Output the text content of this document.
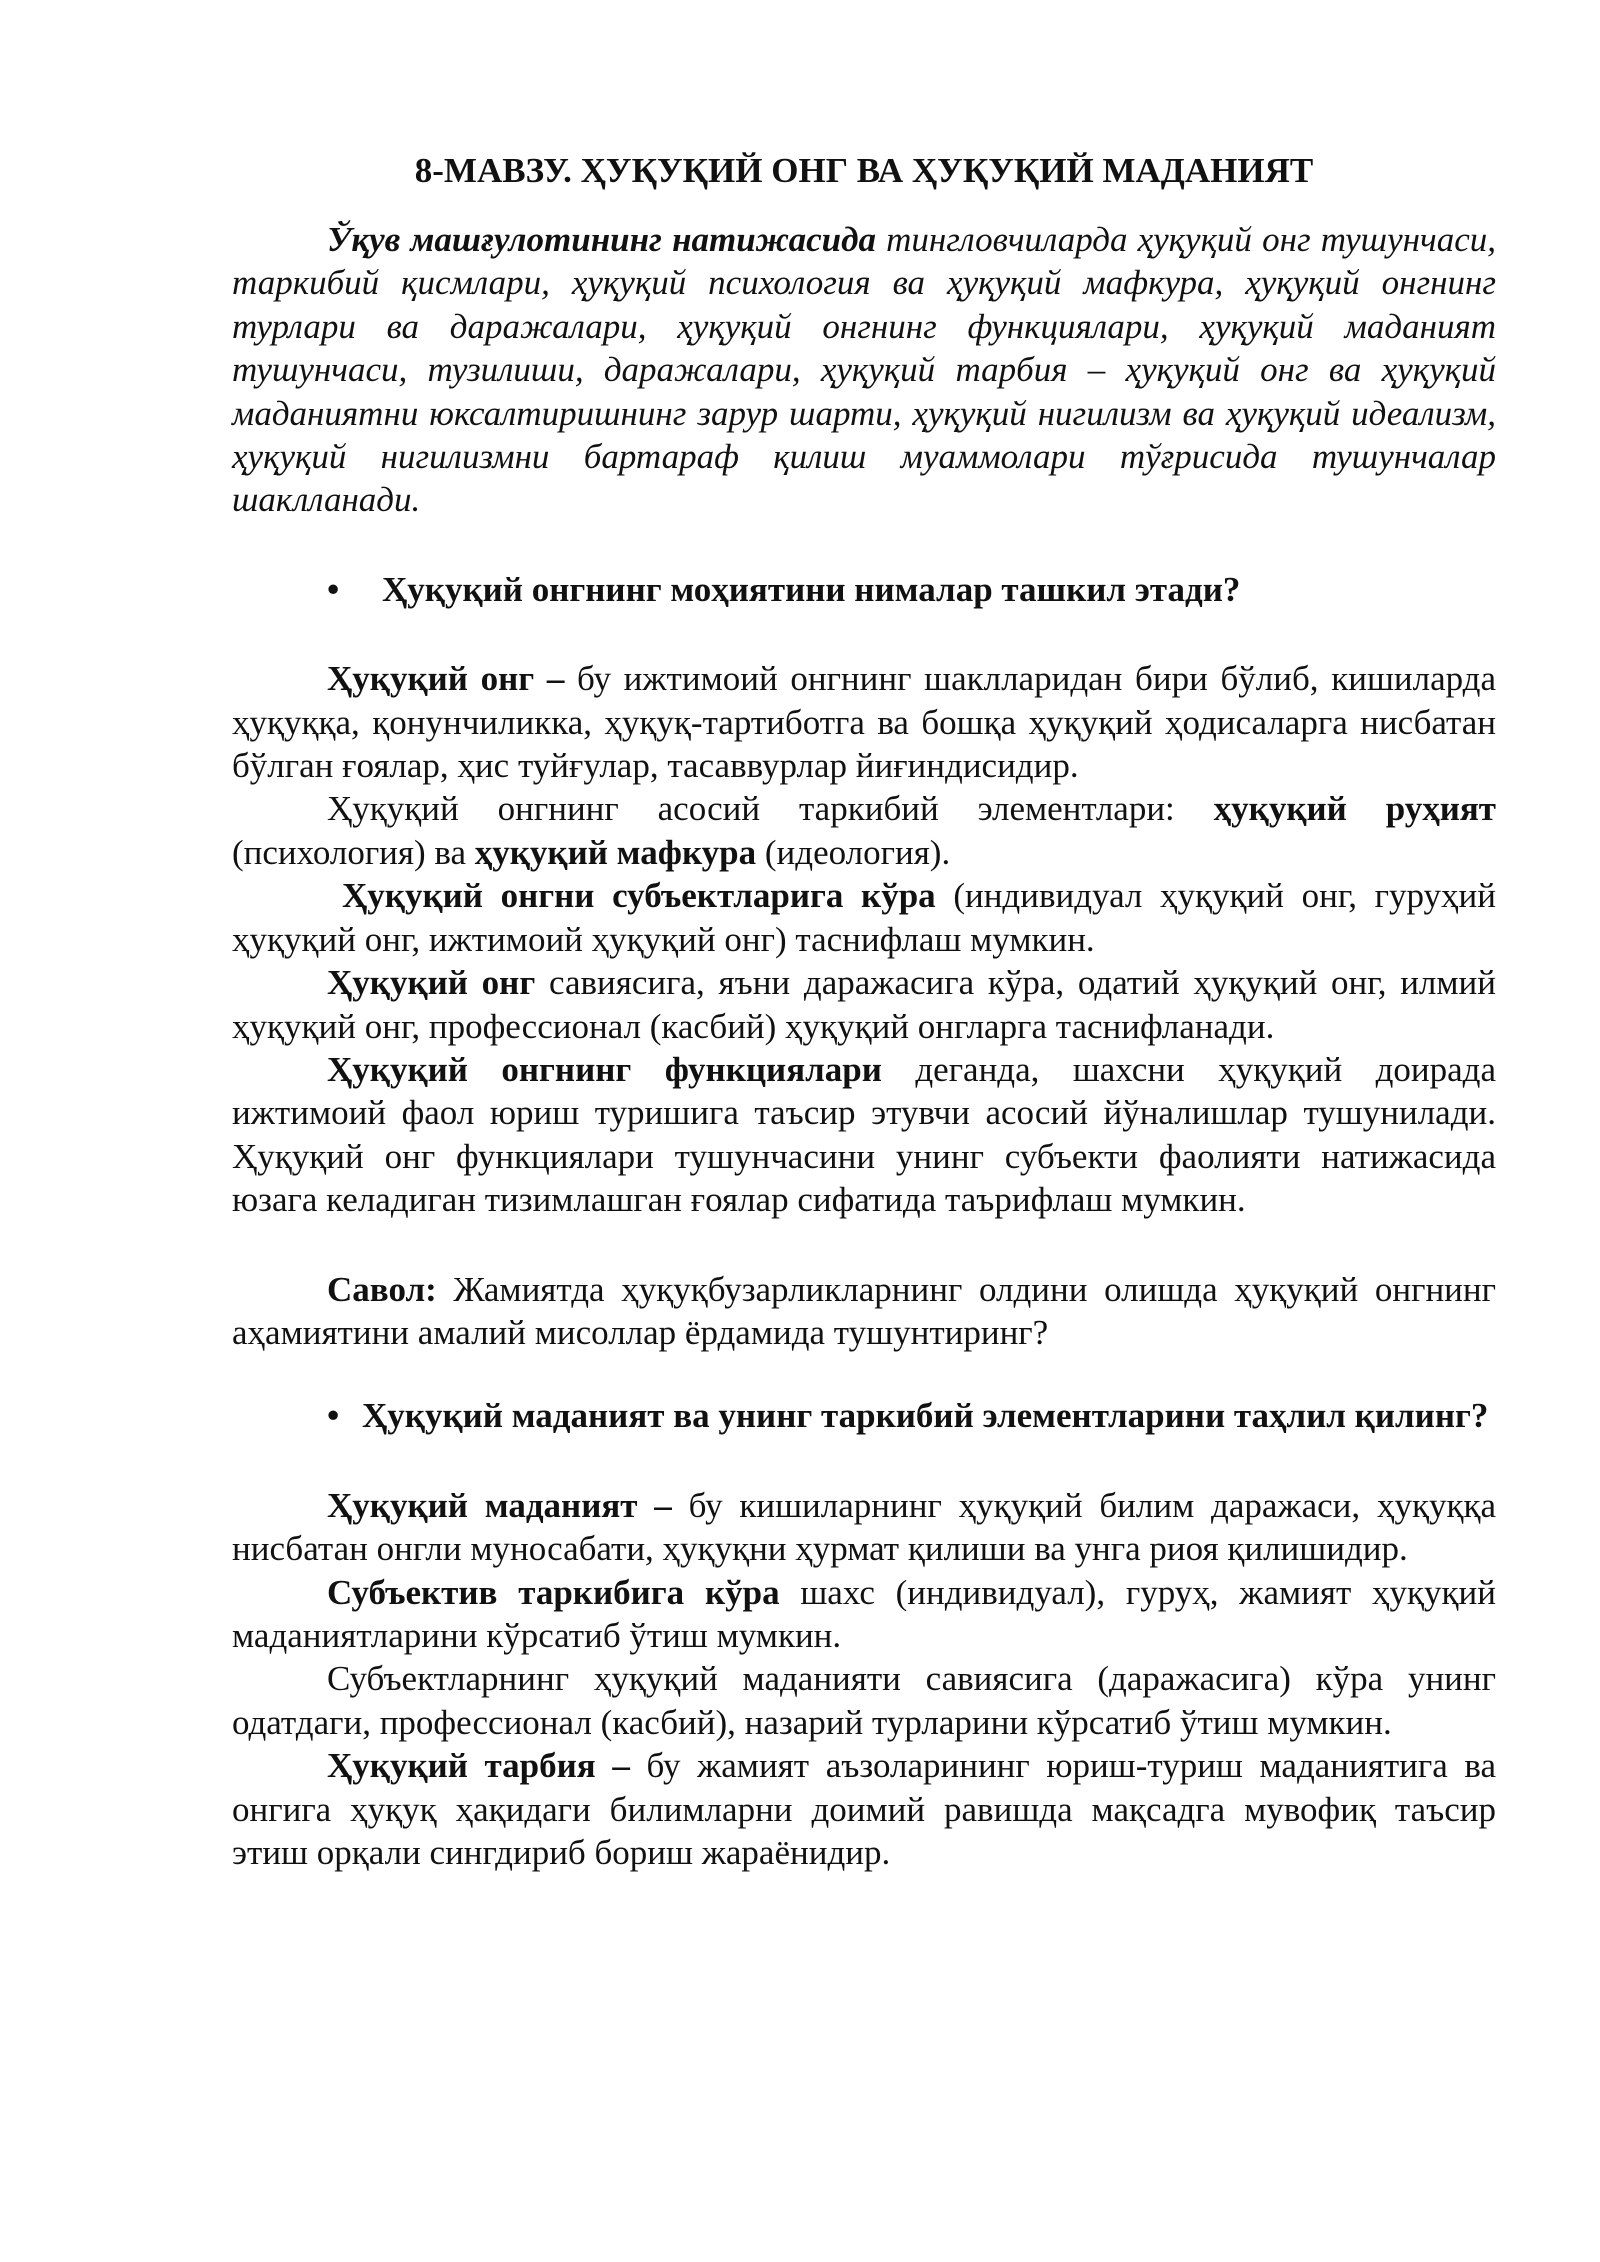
8-МАВЗУ. ҲУҚУҚИЙ ОНГ ВА ҲУҚУҚИЙ МАДАНИЯТ

Ўқув машғулотининг натижасида тингловчиларда ҳуқуқий онг тушунчаси, таркибий қисмлари, ҳуқуқий психология ва ҳуқуқий мафкура, ҳуқуқий онгнинг турлари ва даражалари, ҳуқуқий онгнинг функциялари, ҳуқуқий маданият тушунчаси, тузилиши, даражалари, ҳуқуқий тарбия – ҳуқуқий онг ва ҳуқуқий маданиятни юксалтиришнинг зарур шарти, ҳуқуқий нигилизм ва ҳуқуқий идеализм, ҳуқуқий нигилизмни бартараф қилиш муаммолари тўғрисида тушунчалар шаклланади.

•	Ҳуқуқий онгнинг моҳиятини нималар ташкил этади?

Ҳуқуқий онг – бу ижтимоий онгнинг шаклларидан бири бўлиб, кишиларда ҳуқуққа, қонунчиликка, ҳуқуқ-тартиботга ва бошқа ҳуқуқий ҳодисаларга нисбатан бўлган ғоялар, ҳис туйғулар, тасаввурлар йиғиндисидир.

Ҳуқуқий онгнинг асосий таркибий элементлари: ҳуқуқий руҳият (психология) ва ҳуқуқий мафкура (идеология).

Ҳуқуқий онгни субъектларига кўра (индивидуал ҳуқуқий онг, гуруҳий ҳуқуқий онг, ижтимоий ҳуқуқий онг) таснифлаш мумкин.

Ҳуқуқий онг савиясига, яъни даражасига кўра, одатий ҳуқуқий онг, илмий ҳуқуқий онг, профессионал (касбий) ҳуқуқий онгларга таснифланади.

Ҳуқуқий онгнинг функциялари деганда, шахсни ҳуқуқий доирада ижтимоий фаол юриш туришига таъсир этувчи асосий йўналишлар тушунилади. Ҳуқуқий онг функциялари тушунчасини унинг субъекти фаолияти натижасида юзага келадиган тизимлашган ғоялар сифатида таърифлаш мумкин.

Савол: Жамиятда ҳуқуқбузарликларнинг олдини олишда ҳуқуқий онгнинг аҳамиятини амалий мисоллар ёрдамида тушунтиринг?

• Ҳуқуқий маданият ва унинг таркибий элементларини таҳлил қилинг?

Ҳуқуқий маданият – бу кишиларнинг ҳуқуқий билим даражаси, ҳуқуққа нисбатан онгли муносабати, ҳуқуқни ҳурмат қилиши ва унга риоя қилишидир.

Субъектив таркибига кўра шахс (индивидуал), гуруҳ, жамият ҳуқуқий маданиятларини кўрсатиб ўтиш мумкин.

Субъектларнинг ҳуқуқий маданияти савиясига (даражасига) кўра унинг одатдаги, профессионал (касбий), назарий турларини кўрсатиб ўтиш мумкин.

Ҳуқуқий тарбия – бу жамият аъзоларининг юриш-туриш маданиятига ва онгига ҳуқуқ ҳақидаги билимларни доимий равишда мақсадга мувофиқ таъсир этиш орқали сингдириб бориш жараёнидир.
